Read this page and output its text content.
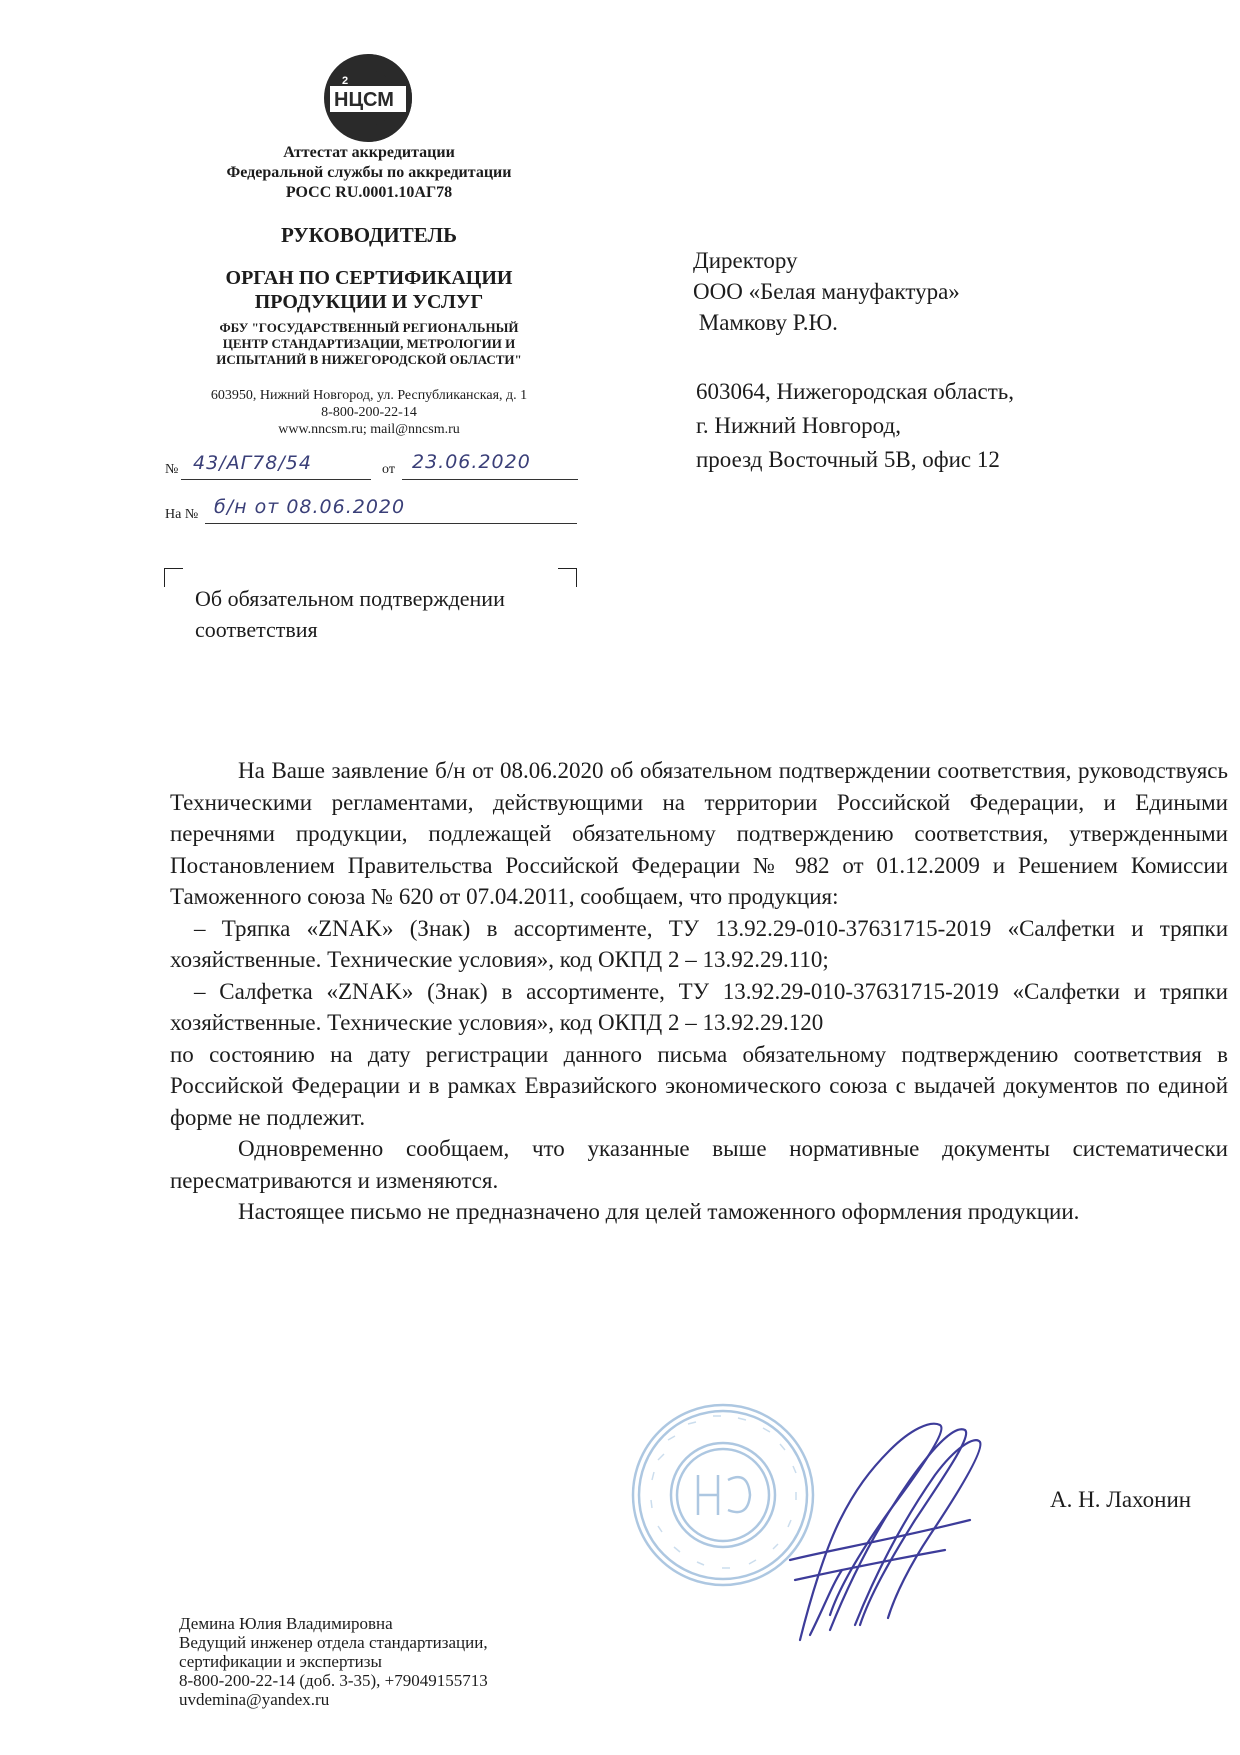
НЦСМ
2
Аттестат аккредитации
Федеральной службы по аккредитации
РОСС RU.0001.10АГ78
РУКОВОДИТЕЛЬ
ОРГАН ПО СЕРТИФИКАЦИИ
ПРОДУКЦИИ И УСЛУГ
ФБУ "ГОСУДАРСТВЕННЫЙ РЕГИОНАЛЬНЫЙ
ЦЕНТР СТАНДАРТИЗАЦИИ, МЕТРОЛОГИИ И
ИСПЫТАНИЙ В НИЖЕГОРОДСКОЙ ОБЛАСТИ"
603950, Нижний Новгород, ул. Республиканская, д. 1
8-800-200-22-14
www.nncsm.ru; mail@nncsm.ru
№ 43/АГ78/54	от 23.06.2020
На № б/н от 08.06.2020
Директору
ООО «Белая мануфактура»
Мамкову Р.Ю.
603064, Нижегородская область,
г. Нижний Новгород,
проезд Восточный 5В, офис 12
Об обязательном подтверждении
соответствия

На Ваше заявление б/н от 08.06.2020 об обязательном подтверждении соответствия, руководствуясь Техническими регламентами, действующими на территории Российской Федерации, и Едиными перечнями продукции, подлежащей обязательному подтверждению соответствия, утвержденными Постановлением Правительства Российской Федерации № 982 от 01.12.2009 и Решением Комиссии Таможенного союза № 620 от 07.04.2011, сообщаем, что продукция:

– Тряпка «ZNAK» (Знак) в ассортименте, ТУ 13.92.29-010-37631715-2019 «Салфетки и тряпки хозяйственные. Технические условия», код ОКПД 2 – 13.92.29.110;

– Салфетка «ZNAK» (Знак) в ассортименте, ТУ 13.92.29-010-37631715-2019 «Салфетки и тряпки хозяйственные. Технические условия», код ОКПД 2 – 13.92.29.120

по состоянию на дату регистрации данного письма обязательному подтверждению соответствия в Российской Федерации и в рамках Евразийского экономического союза с выдачей документов по единой форме не подлежит.

Одновременно сообщаем, что указанные выше нормативные документы систематически пересматриваются и изменяются.

Настоящее письмо не предназначено для целей таможенного оформления продукции.

А. Н. Лахонин
Демина Юлия Владимировна
Ведущий инженер отдела стандартизации,
сертификации и экспертизы
8-800-200-22-14 (доб. 3-35), +79049155713
uvdemina@yandex.ru
